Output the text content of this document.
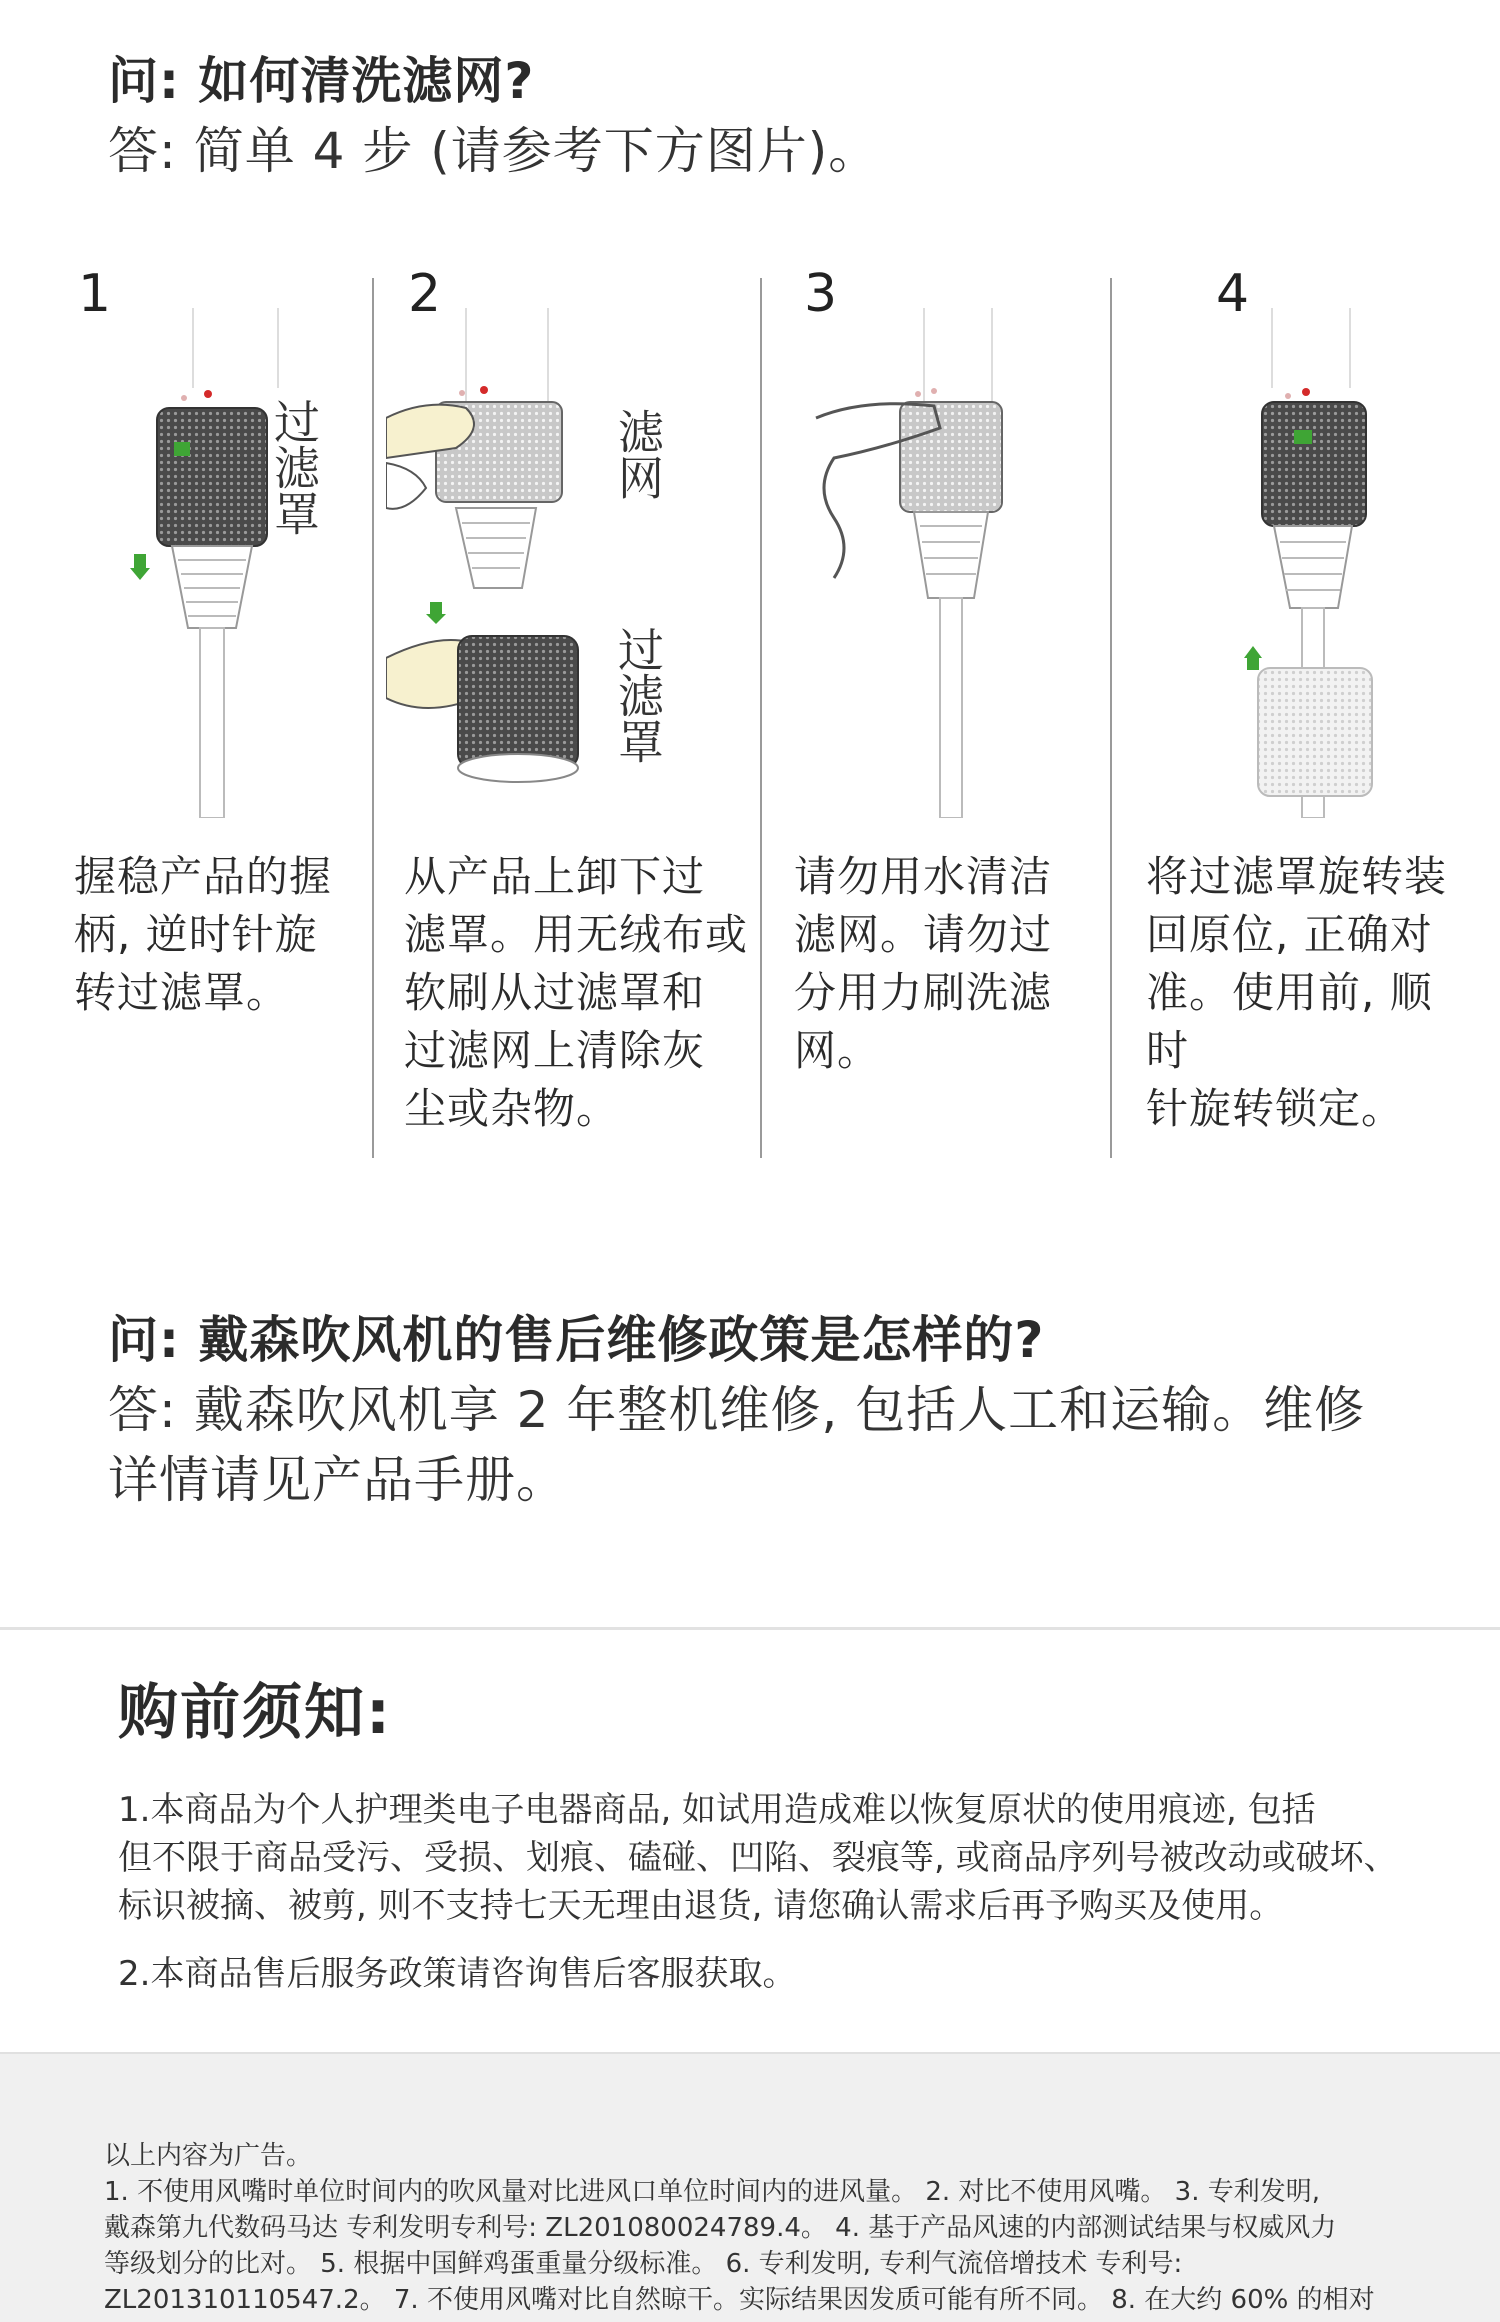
问: 如何清洗滤网?
答: 简单 4 步 (请参考下方图片)。
1
过滤罩
握稳产品的握
柄, 逆时针旋
转过滤罩。
2
滤网
过滤罩
从产品上卸下过
滤罩。用无绒布或
软刷从过滤罩和
过滤网上清除灰
尘或杂物。
3
请勿用水清洁
滤网。请勿过
分用力刷洗滤
网。
4
将过滤罩旋转装
回原位, 正确对
准。使用前, 顺时
针旋转锁定。
问: 戴森吹风机的售后维修政策是怎样的?
答: 戴森吹风机享 2 年整机维修, 包括人工和运输。维修
详情请见产品手册。
购前须知:
1.本商品为个人护理类电子电器商品, 如试用造成难以恢复原状的使用痕迹, 包括
但不限于商品受污、受损、划痕、磕碰、凹陷、裂痕等, 或商品序列号被改动或破坏、
标识被摘、被剪, 则不支持七天无理由退货, 请您确认需求后再予购买及使用。
2.本商品售后服务政策请咨询售后客服获取。
以上内容为广告。
1. 不使用风嘴时单位时间内的吹风量对比进风口单位时间内的进风量。 2. 对比不使用风嘴。 3. 专利发明,
戴森第九代数码马达 专利发明专利号: ZL201080024789.4。 4. 基于产品风速的内部测试结果与权威风力
等级划分的比对。 5. 根据中国鲜鸡蛋重量分级标准。 6. 专利发明, 专利气流倍增技术 专利号:
ZL201310110547.2。 7. 不使用风嘴对比自然晾干。实际结果因发质可能有所不同。 8. 在大约 60% 的相对
